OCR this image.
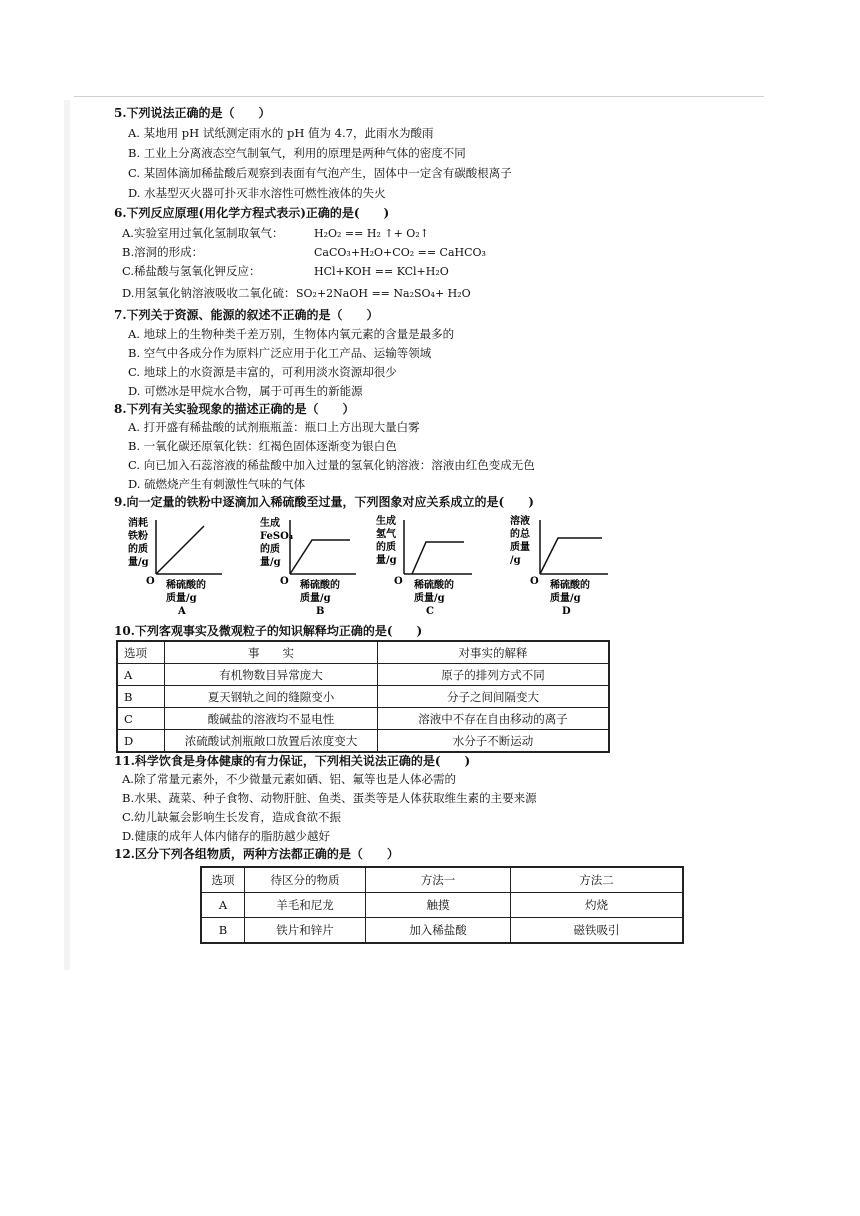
5.下列说法正确的是（　　）
A. 某地用 pH 试纸测定雨水的 pH 值为 4.7，此雨水为酸雨
B. 工业上分离液态空气制氧气，利用的原理是两种气体的密度不同
C. 某固体滴加稀盐酸后观察到表面有气泡产生，固体中一定含有碳酸根离子
D. 水基型灭火器可扑灭非水溶性可燃性液体的失火
6.下列反应原理(用化学方程式表示)正确的是(　　)
A.实验室用过氧化氢制取氧气：	H₂O₂ == H₂ ↑+ O₂↑
B.溶洞的形成：	CaCO₃+H₂O+CO₂ == CaHCO₃
C.稀盐酸与氢氧化钾反应：	HCl+KOH == KCl+H₂O
D.用氢氧化钠溶液吸收二氧化硫： SO₂+2NaOH == Na₂SO₄+ H₂O
7.下列关于资源、能源的叙述不正确的是（　　）
A. 地球上的生物种类千差万别，生物体内氧元素的含量是最多的
B. 空气中各成分作为原料广泛应用于化工产品、运输等领域
C. 地球上的水资源是丰富的，可利用淡水资源却很少
D. 可燃冰是甲烷水合物，属于可再生的新能源
8.下列有关实验现象的描述正确的是（　　）
A. 打开盛有稀盐酸的试剂瓶瓶盖：瓶口上方出现大量白雾
B. 一氧化碳还原氧化铁：红褐色固体逐渐变为银白色
C. 向已加入石蕊溶液的稀盐酸中加入过量的氢氧化钠溶液：溶液由红色变成无色
D. 硫燃烧产生有刺激性气味的气体
9.向一定量的铁粉中逐滴加入稀硫酸至过量，下列图象对应关系成立的是(　　)
消耗
铁粉
的质
量/g
O 稀硫酸的
质量/g
A
生成
FeSO₄
的质
量/g
O 稀硫酸的
质量/g
B
生成
氢气
的质
量/g
O 稀硫酸的
质量/g
C
溶液
的总
质量
/g
O 稀硫酸的
质量/g
D
10.下列客观事实及微观粒子的知识解释均正确的是(　　)
选项	事　　实	对事实的解释
A	有机物数目异常庞大	原子的排列方式不同
B	夏天钢轨之间的缝隙变小	分子之间间隔变大
C	酸碱盐的溶液均不显电性	溶液中不存在自由移动的离子
D	浓硫酸试剂瓶敞口放置后浓度变大	水分子不断运动
11.科学饮食是身体健康的有力保证，下列相关说法正确的是(　　)
A.除了常量元素外，不少微量元素如硒、铝、氟等也是人体必需的
B.水果、蔬菜、种子食物、动物肝脏、鱼类、蛋类等是人体获取维生素的主要来源
C.幼儿缺氟会影响生长发育，造成食欲不振
D.健康的成年人体内储存的脂肪越少越好
12.区分下列各组物质，两种方法都正确的是（　　）
选项	待区分的物质	方法一	方法二
A	羊毛和尼龙	触摸	灼烧
B	铁片和锌片	加入稀盐酸	磁铁吸引
